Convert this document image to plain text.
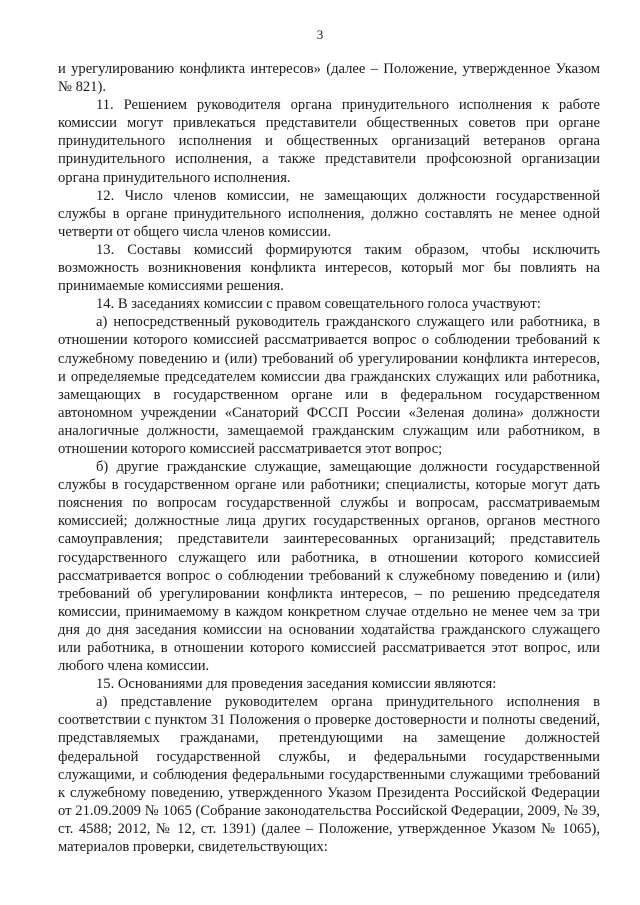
3

и урегулированию конфликта интересов» (далее – Положение, утвержденное Указом № 821).

11. Решением руководителя органа принудительного исполнения к работе комиссии могут привлекаться представители общественных советов при органе принудительного исполнения и общественных организаций ветеранов органа принудительного исполнения, а также представители профсоюзной организации органа принудительного исполнения.

12. Число членов комиссии, не замещающих должности государственной службы в органе принудительного исполнения, должно составлять не менее одной четверти от общего числа членов комиссии.

13. Составы комиссий формируются таким образом, чтобы исключить возможность возникновения конфликта интересов, который мог бы повлиять на принимаемые комиссиями решения.

14. В заседаниях комиссии с правом совещательного голоса участвуют:

а) непосредственный руководитель гражданского служащего или работника, в отношении которого комиссией рассматривается вопрос о соблюдении требований к служебному поведению и (или) требований об урегулировании конфликта интересов, и определяемые председателем комиссии два гражданских служащих или работника, замещающих в государственном органе или в федеральном государственном автономном учреждении «Санаторий ФССП России «Зеленая долина» должности аналогичные должности, замещаемой гражданским служащим или работником, в отношении которого комиссией рассматривается этот вопрос;

б) другие гражданские служащие, замещающие должности государственной службы в государственном органе или работники; специалисты, которые могут дать пояснения по вопросам государственной службы и вопросам, рассматриваемым комиссией; должностные лица других государственных органов, органов местного самоуправления; представители заинтересованных организаций; представитель государственного служащего или работника, в отношении которого комиссией рассматривается вопрос о соблюдении требований к служебному поведению и (или) требований об урегулировании конфликта интересов, – по решению председателя комиссии, принимаемому в каждом конкретном случае отдельно не менее чем за три дня до дня заседания комиссии на основании ходатайства гражданского служащего или работника, в отношении которого комиссией рассматривается этот вопрос, или любого члена комиссии.

15. Основаниями для проведения заседания комиссии являются:

а) представление руководителем органа принудительного исполнения в соответствии с пунктом 31 Положения о проверке достоверности и полноты сведений, представляемых гражданами, претендующими на замещение должностей федеральной государственной службы, и федеральными государственными служащими, и соблюдения федеральными государственными служащими требований к служебному поведению, утвержденного Указом Президента Российской Федерации от 21.09.2009 № 1065 (Собрание законодательства Российской Федерации, 2009, № 39, ст. 4588; 2012, № 12, ст. 1391) (далее – Положение, утвержденное Указом № 1065), материалов проверки, свидетельствующих:
